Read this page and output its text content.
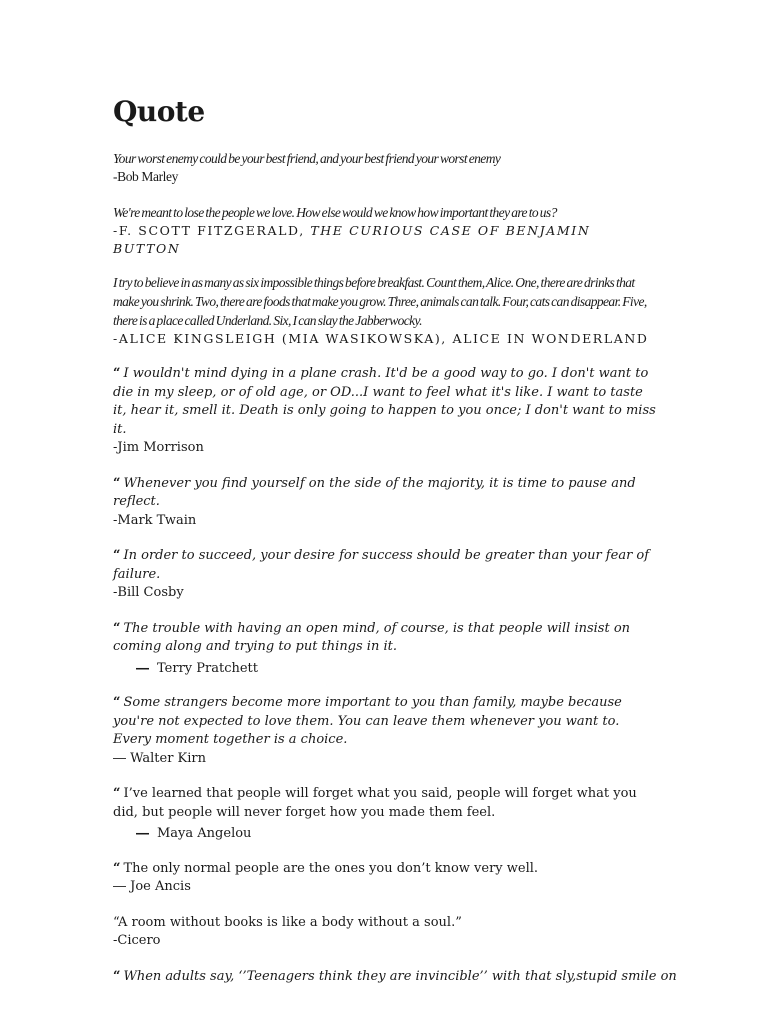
Quote
Your worst enemy could be your best friend, and your best friend your worst enemy
-Bob Marley
We're meant to lose the people we love. How else would we know how important they are to us?
-F. SCOTT FITZGERALD, THE CURIOUS CASE OF BENJAMIN BUTTON
I try to believe in as many as six impossible things before breakfast. Count them, Alice. One, there are drinks that make you shrink. Two, there are foods that make you grow. Three, animals can talk. Four, cats can disappear. Five, there is a place called Underland. Six, I can slay the Jabberwocky.
-ALICE KINGSLEIGH (MIA WASIKOWSKA), ALICE IN WONDERLAND
“ I wouldn't mind dying in a plane crash. It'd be a good way to go. I don't want to die in my sleep, or of old age, or OD...I want to feel what it's like. I want to taste it, hear it, smell it. Death is only going to happen to you once; I don't want to miss it.
-Jim Morrison
“ Whenever you find yourself on the side of the majority, it is time to pause and reflect.
-Mark Twain
“ In order to succeed, your desire for success should be greater than your fear of failure.
-Bill Cosby
“ The trouble with having an open mind, of course, is that people will insist on coming along and trying to put things in it.
― Terry Pratchett
“ Some strangers become more important to you than family, maybe because you're not expected to love them. You can leave them whenever you want to. Every moment together is a choice.
― Walter Kirn
“ I’ve learned that people will forget what you said, people will forget what you did, but people will never forget how you made them feel.
― Maya Angelou
“ The only normal people are the ones you don’t know very well.
― Joe Ancis
“A room without books is like a body without a soul.”
-Cicero
“ When adults say, ‘’Teenagers think they are invincible’’ with that sly,stupid smile on
